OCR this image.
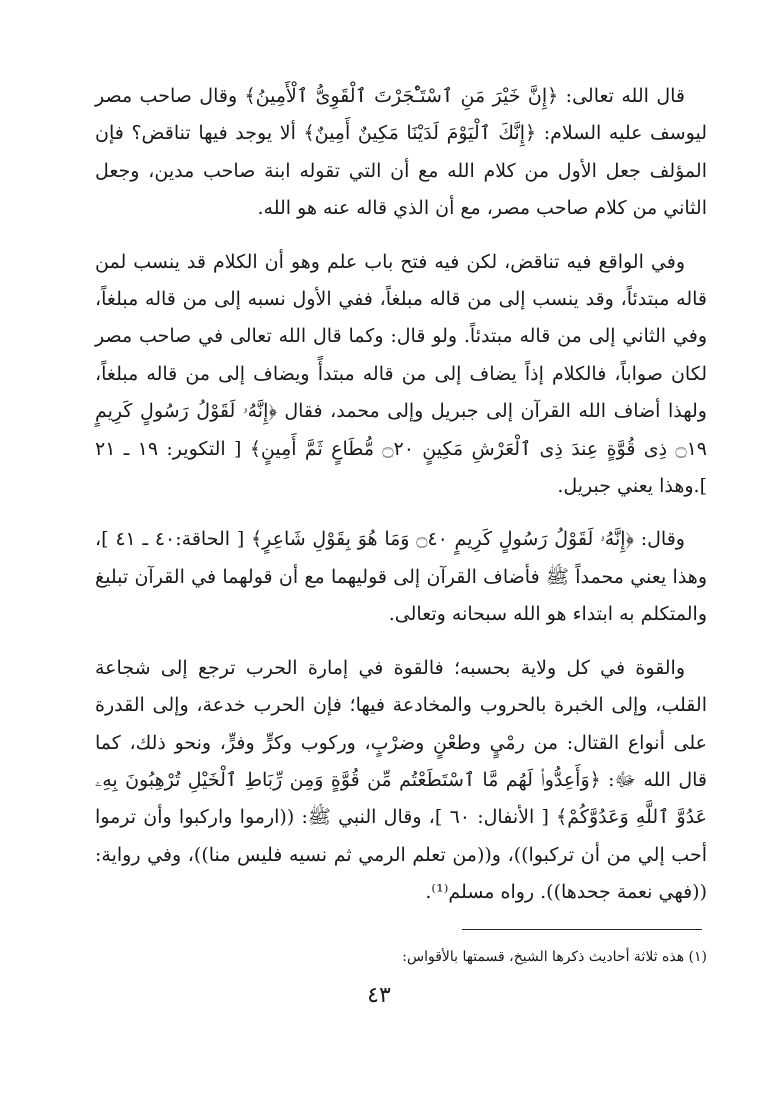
قال الله تعالى: ﴿إِنَّ خَيْرَ مَنِ ٱسْتَـْٔجَرْتَ ٱلْقَوِىُّ ٱلْأَمِينُ﴾ وقال صاحب مصر ليوسف عليه السلام: ﴿إِنَّكَ ٱلْيَوْمَ لَدَيْنَا مَكِينٌ أَمِينٌ﴾ ألا يوجد فيها تناقض؟ فإن المؤلف جعل الأول من كلام الله مع أن التي تقوله ابنة صاحب مدين، وجعل الثاني من كلام صاحب مصر، مع أن الذي قاله عنه هو الله.

وفي الواقع فيه تناقض، لكن فيه فتح باب علم وهو أن الكلام قد ينسب لمن قاله مبتدئاً، وقد ينسب إلى من قاله مبلغاً، ففي الأول نسبه إلى من قاله مبلغاً، وفي الثاني إلى من قاله مبتدئاً. ولو قال: وكما قال الله تعالى في صاحب مصر لكان صواباً، فالكلام إذاً يضاف إلى من قاله مبتدأً ويضاف إلى من قاله مبلغاً، ولهذا أضاف الله القرآن إلى جبريل وإلى محمد، فقال ﴿إِنَّهُۥ لَقَوْلُ رَسُولٍ كَرِيمٍ ۝١٩ ذِى قُوَّةٍ عِندَ ذِى ٱلْعَرْشِ مَكِينٍ ۝٢٠ مُّطَاعٍ ثَمَّ أَمِينٍ﴾ [ التكوير: ١٩ ـ ٢١ ].وهذا يعني جبريل.

وقال: ﴿إِنَّهُۥ لَقَوْلُ رَسُولٍ كَرِيمٍ ۝٤٠ وَمَا هُوَ بِقَوْلِ شَاعِرٍ﴾ [ الحاقة:٤٠ ـ ٤١ ]، وهذا يعني محمداً ﷺ فأضاف القرآن إلى قوليهما مع أن قولهما في القرآن تبليغ والمتكلم به ابتداء هو الله سبحانه وتعالى.

والقوة في كل ولاية بحسبه؛ فالقوة في إمارة الحرب ترجع إلى شجاعة القلب، وإلى الخبرة بالحروب والمخادعة فيها؛ فإن الحرب خدعة، وإلى القدرة على أنواع القتال: من رمْيٍ وطعْنٍ وضرْبٍ، وركوب وكرٍّ وفرٍّ، ونحو ذلك، كما قال الله ﷻ: ﴿وَأَعِدُّوا۟ لَهُم مَّا ٱسْتَطَعْتُم مِّن قُوَّةٍ وَمِن رِّبَاطِ ٱلْخَيْلِ تُرْهِبُونَ بِهِۦ عَدُوَّ ٱللَّهِ وَعَدُوَّكُمْ﴾ [ الأنفال: ٦٠ ]، وقال النبي ﷺ: ((ارموا واركبوا وأن ترموا أحب إلي من أن تركبوا))، و((من تعلم الرمي ثم نسيه فليس منا))، وفي رواية: ((فهي نعمة جحدها)). رواه مسلم⁽¹⁾.

(١) هذه ثلاثة أحاديث ذكرها الشيخ، قسمتها بالأقواس:
٤٣
